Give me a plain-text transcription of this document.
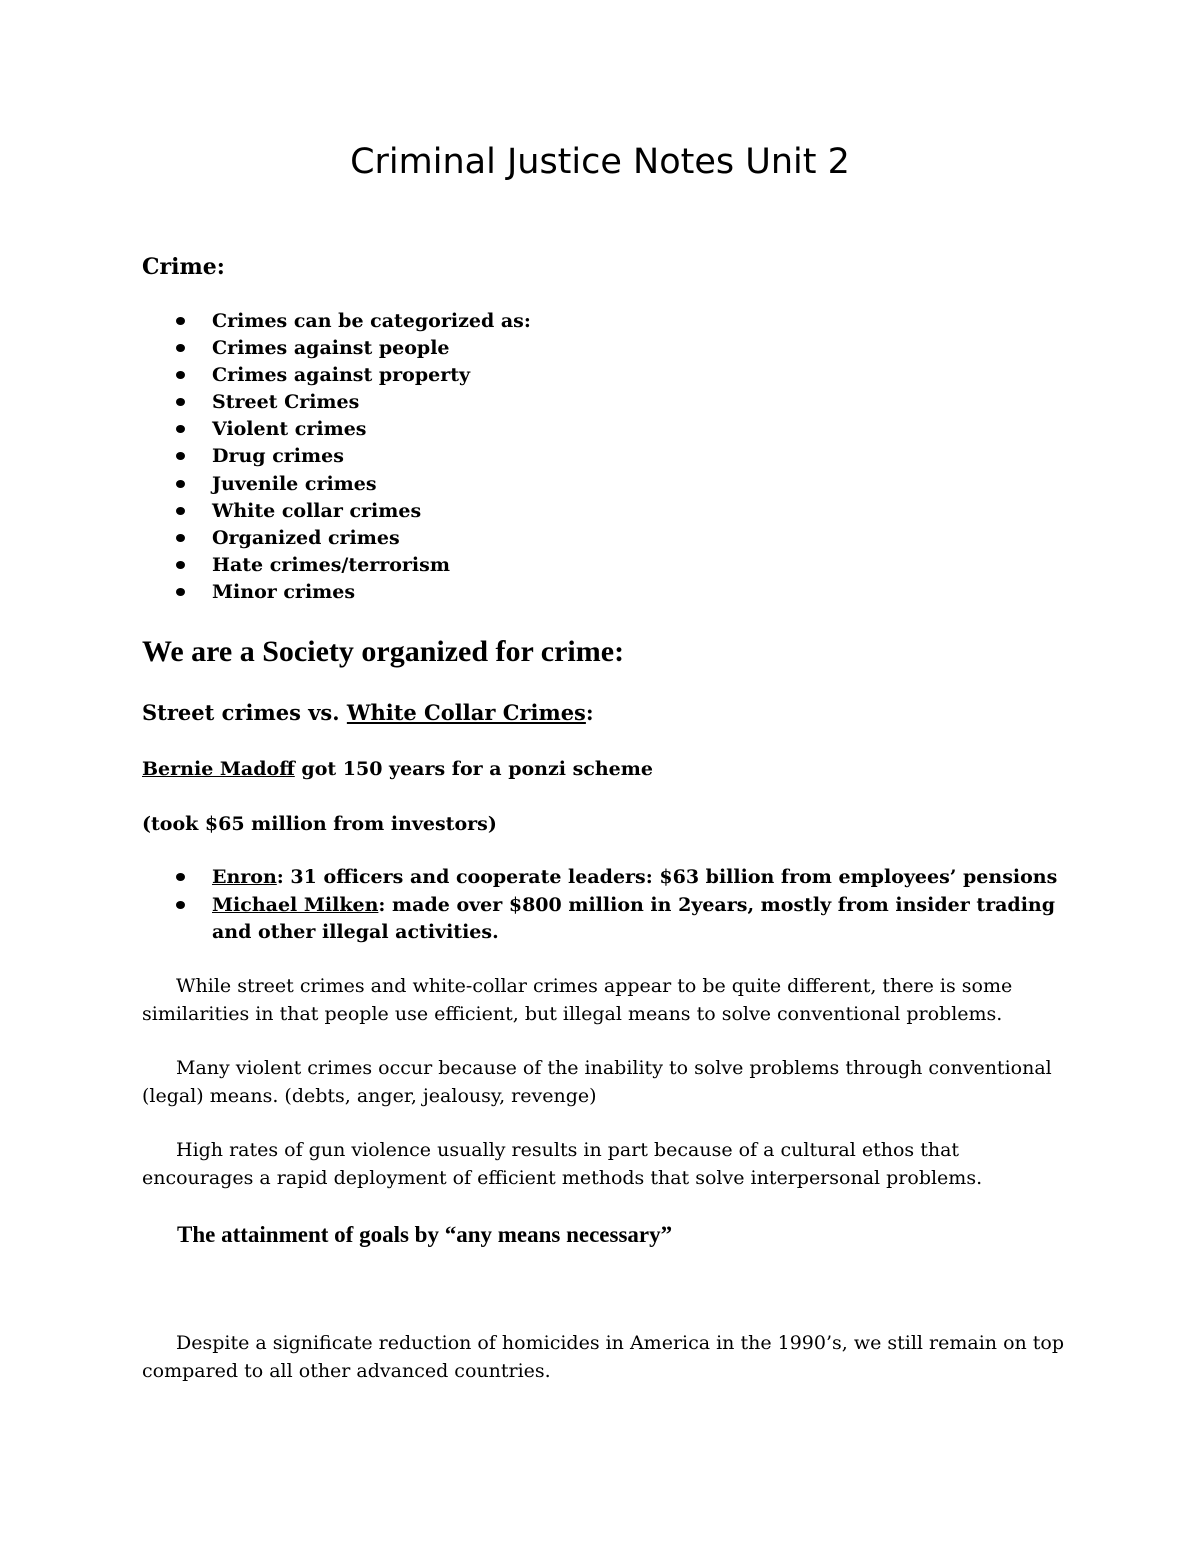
Criminal Justice Notes Unit 2
Crime:
Crimes can be categorized as:
Crimes against people
Crimes against property
Street Crimes
Violent crimes
Drug crimes
Juvenile crimes
White collar crimes
Organized crimes
Hate crimes/terrorism
Minor crimes
We are a Society organized for crime:
Street crimes vs. White Collar Crimes:

Bernie Madoff got 150 years for a ponzi scheme

(took $65 million from investors)

Enron: 31 officers and cooperate leaders: $63 billion from employees’ pensions
Michael Milken: made over $800 million in 2years, mostly from insider trading and other illegal activities.

While street crimes and white-collar crimes appear to be quite different, there is some similarities in that people use efficient, but illegal means to solve conventional problems.

Many violent crimes occur because of the inability to solve problems through conventional (legal) means. (debts, anger, jealousy, revenge)

High rates of gun violence usually results in part because of a cultural ethos that encourages a rapid deployment of efficient methods that solve interpersonal problems.

The attainment of goals by “any means necessary”

Despite a significate reduction of homicides in America in the 1990’s, we still remain on top compared to all other advanced countries.
